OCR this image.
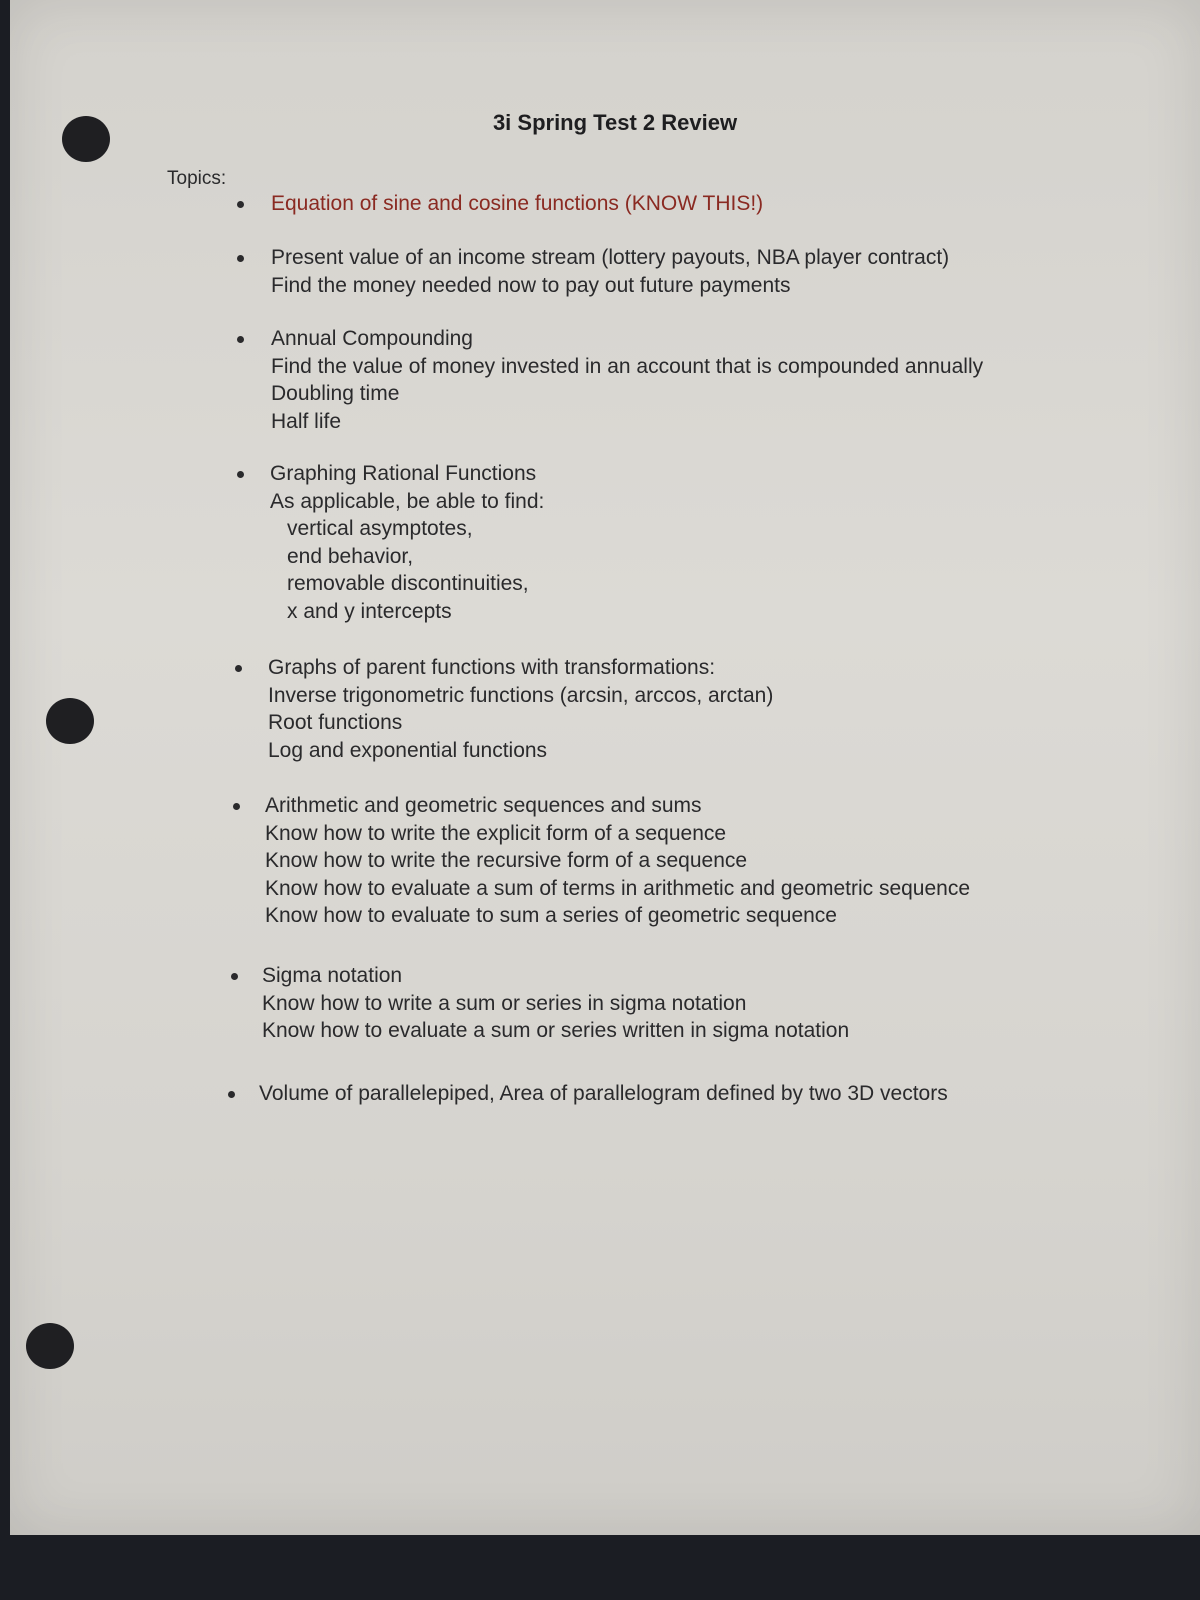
3i Spring Test 2 Review
Topics:
Equation of sine and cosine functions (KNOW THIS!)
Present value of an income stream (lottery payouts, NBA player contract)
Find the money needed now to pay out future payments
Annual Compounding
Find the value of money invested in an account that is compounded annually
Doubling time
Half life
Graphing Rational Functions
As applicable, be able to find:
vertical asymptotes,
end behavior,
removable discontinuities,
x and y intercepts
Graphs of parent functions with transformations:
Inverse trigonometric functions (arcsin, arccos, arctan)
Root functions
Log and exponential functions
Arithmetic and geometric sequences and sums
Know how to write the explicit form of a sequence
Know how to write the recursive form of a sequence
Know how to evaluate a sum of terms in arithmetic and geometric sequence
Know how to evaluate to sum a series of geometric sequence
Sigma notation
Know how to write a sum or series in sigma notation
Know how to evaluate a sum or series written in sigma notation
Volume of parallelepiped, Area of parallelogram defined by two 3D vectors
